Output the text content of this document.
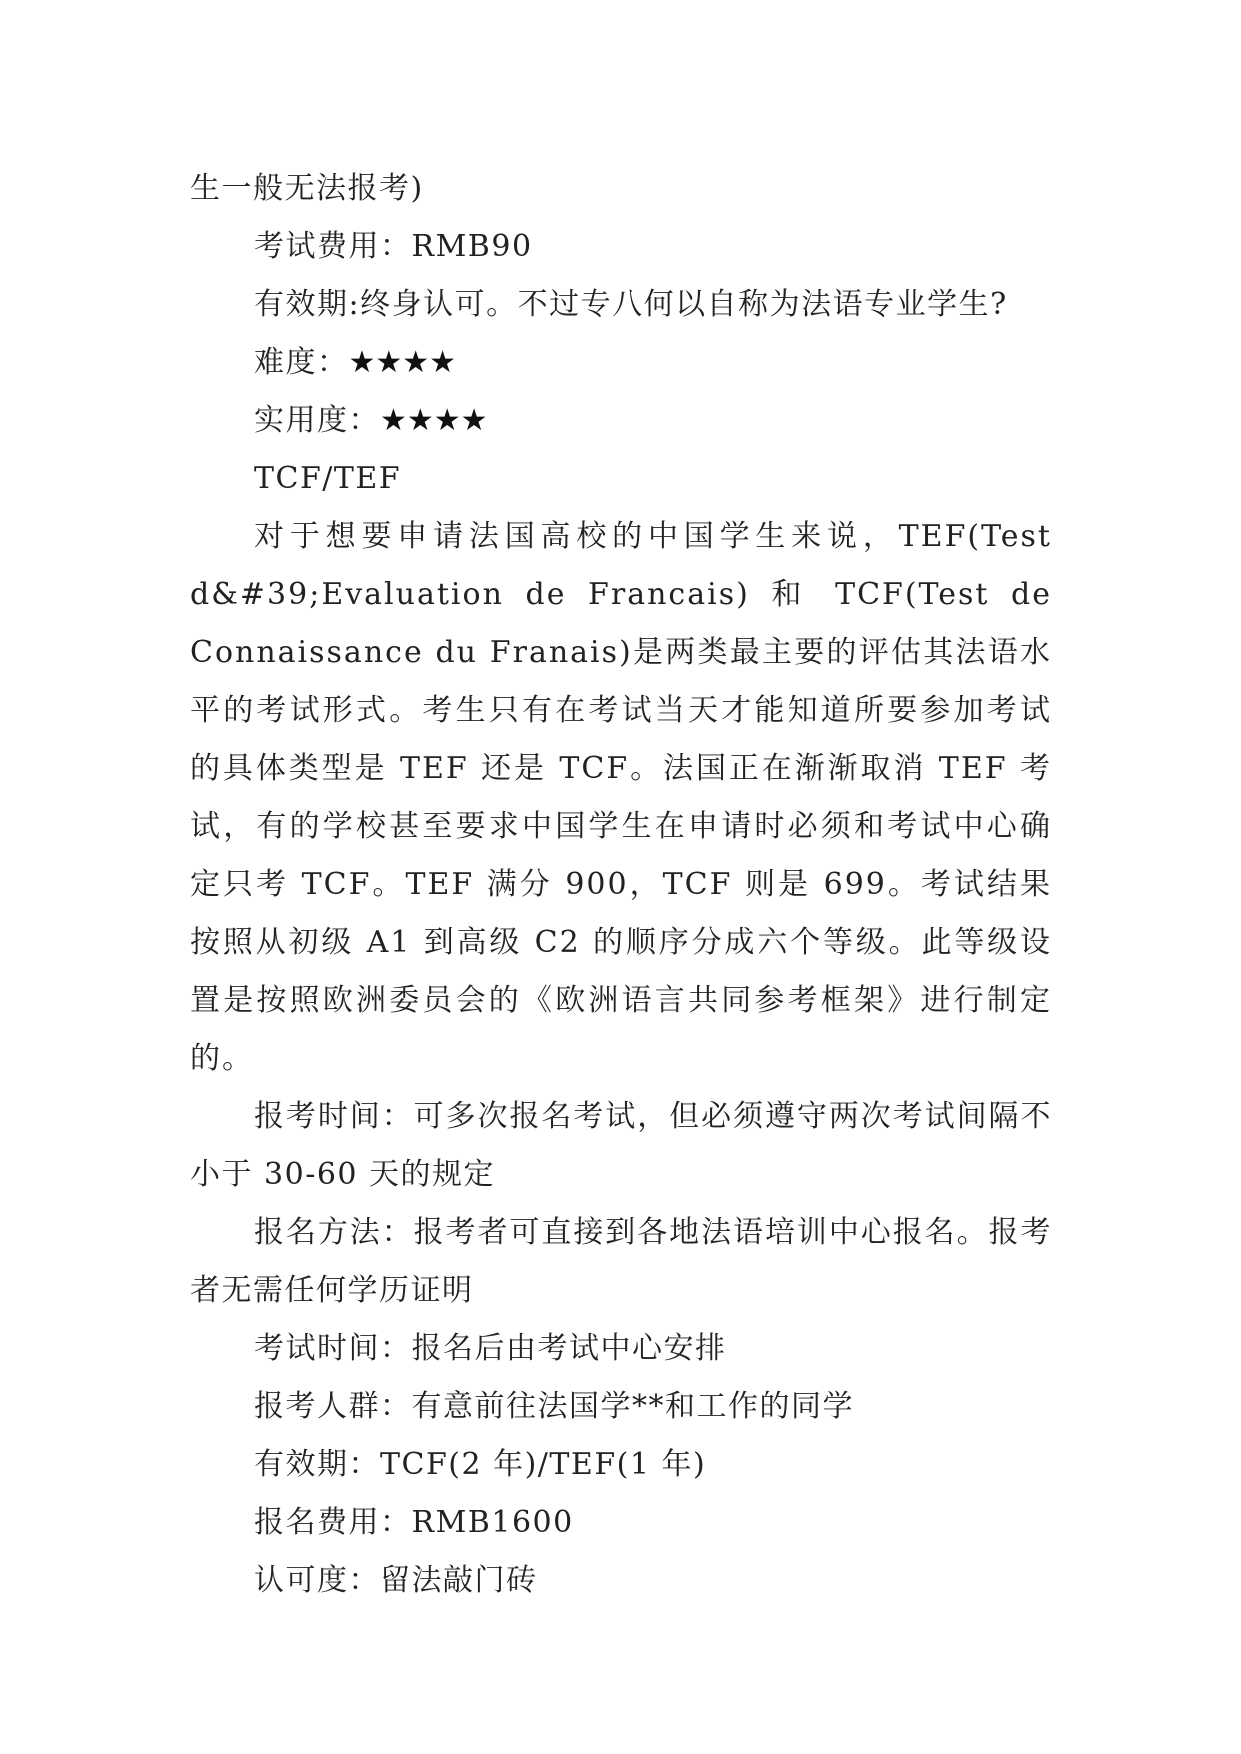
生一般无法报考)

考试费用：RMB90

有效期:终身认可。不过专八何以自称为法语专业学生?

难度：★★★★

实用度：★★★★

TCF/TEF

对于想要申请法国高校的中国学生来说，TEF(Test d&#39;Evaluation de Francais) 和 TCF(Test de Connaissance du Franais)是两类最主要的评估其法语水平的考试形式。考生只有在考试当天才能知道所要参加考试的具体类型是 TEF 还是 TCF。法国正在渐渐取消 TEF 考试，有的学校甚至要求中国学生在申请时必须和考试中心确定只考 TCF。TEF 满分 900，TCF 则是 699。考试结果按照从初级 A1 到高级 C2 的顺序分成六个等级。此等级设置是按照欧洲委员会的《欧洲语言共同参考框架》进行制定的。

报考时间：可多次报名考试，但必须遵守两次考试间隔不小于 30-60 天的规定

报名方法：报考者可直接到各地法语培训中心报名。报考者无需任何学历证明

考试时间：报名后由考试中心安排

报考人群：有意前往法国学**和工作的同学

有效期：TCF(2 年)/TEF(1 年)

报名费用：RMB1600

认可度：留法敲门砖
